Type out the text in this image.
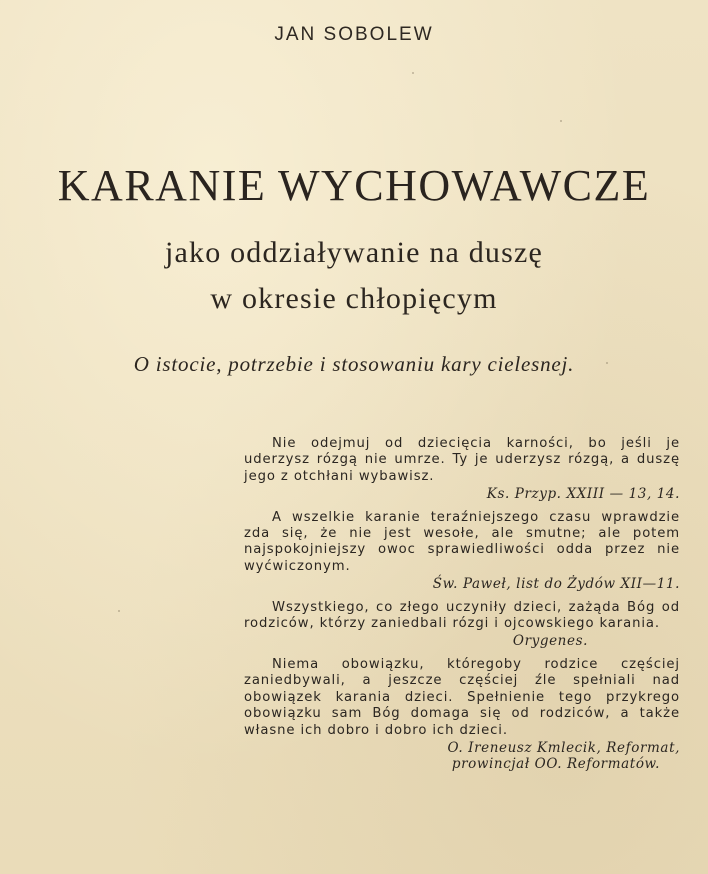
JAN SOBOLEW
KARANIE WYCHOWAWCZE
jako oddziaływanie na duszę
w okresie chłopięcym
O istocie, potrzebie i stosowaniu kary cielesnej.

Nie odejmuj od dziecięcia karności, bo jeśli je uderzysz rózgą nie umrze. Ty je uderzysz rózgą, a duszę jego z otchłani wybawisz.

Ks. Przyp. XXIII — 13, 14.

A wszelkie karanie teraźniejszego czasu wprawdzie zda się, że nie jest wesołe, ale smutne; ale potem najspokojniejszy owoc sprawiedliwości odda przez nie wyćwiczonym.

Św. Paweł, list do Żydów XII—11.

Wszystkiego, co złego uczyniły dzieci, zażąda Bóg od rodziców, którzy zaniedbali rózgi i ojcowskiego karania.

Orygenes.

Niema obowiązku, któregoby rodzice częściej zaniedbywali, a jeszcze częściej źle spełniali nad obowiązek karania dzieci. Spełnienie tego przykrego obowiązku sam Bóg domaga się od rodziców, a także własne ich dobro i dobro ich dzieci.

O. Ireneusz Kmlecik, Reformat,
prowincjał OO. Reformatów.
